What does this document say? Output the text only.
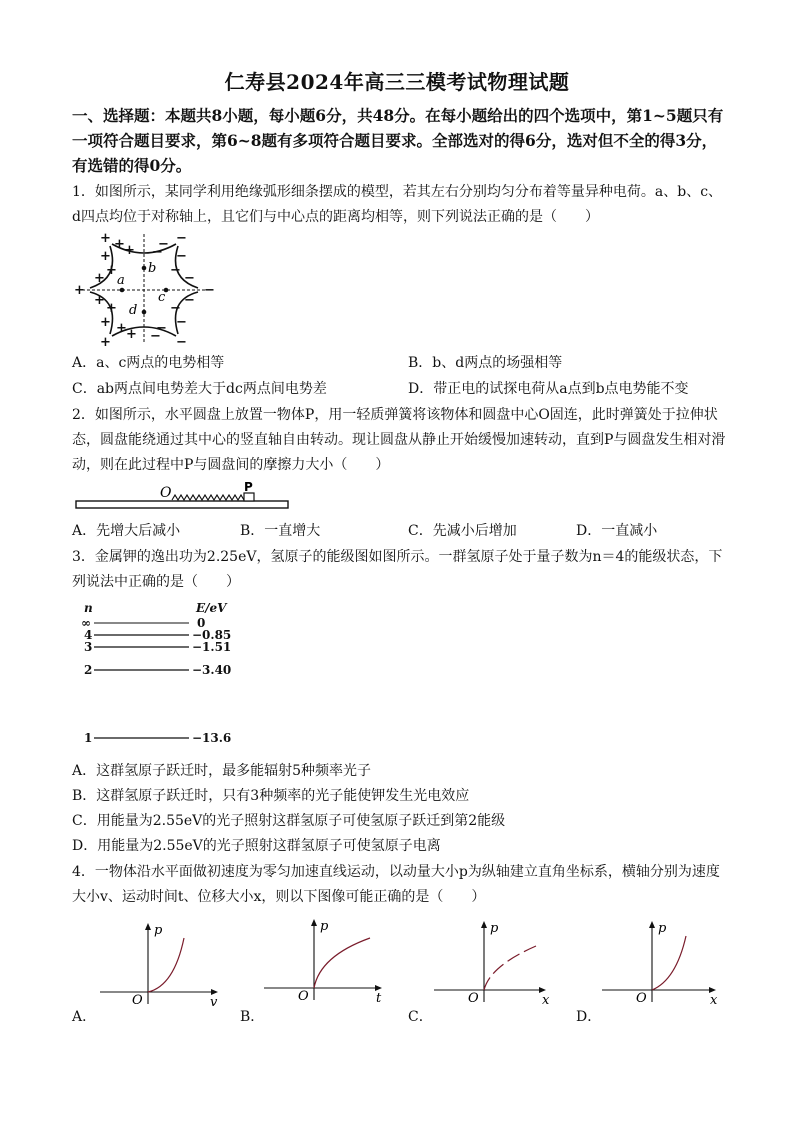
仁寿县2024年高三三模考试物理试题
一、选择题：本题共8小题，每小题6分，共48分。在每小题给出的四个选项中，第1~5题只有一项符合题目要求，第6~8题有多项符合题目要求。全部选对的得6分，选对但不全的得3分，有选错的得0分。
1．如图所示，某同学利用绝缘弧形细条摆成的模型，若其左右分别均匀分布着等量异种电荷。a、b、c、d四点均位于对称轴上，且它们与中心点的距离均相等，则下列说法正确的是（　　）
b
a
c
d
+ + +
+
+
+
+
+
+
+ + +
+
−
−
− −
−
−
−
−
−
−
−
− −
A．a、c两点的电势相等	B．b、d两点的场强相等
C．ab两点间电势差大于dc两点间电势差	D．带正电的试探电荷从a点到b点电势能不变
2．如图所示，水平圆盘上放置一物体P，用一轻质弹簧将该物体和圆盘中心O固连，此时弹簧处于拉伸状态，圆盘能绕通过其中心的竖直轴自由转动。现让圆盘从静止开始缓慢加速转动，直到P与圆盘发生相对滑动，则在此过程中P与圆盘间的摩擦力大小（　　）
O	P
A．先增大后减小	B．一直增大	C．先减小后增加	D．一直减小
3．金属钾的逸出功为2.25eV，氢原子的能级图如图所示。一群氢原子处于量子数为n＝4的能级状态，下列说法中正确的是（　　）
n	E/eV
∞	0
4	−0.85
3	−1.51
2	−3.40
1	−13.6
A．这群氢原子跃迁时，最多能辐射5种频率光子
B．这群氢原子跃迁时，只有3种频率的光子能使钾发生光电效应
C．用能量为2.55eV的光子照射这群氢原子可使氢原子跃迁到第2能级
D．用能量为2.55eV的光子照射这群氢原子可使氢原子电离
4．一物体沿水平面做初速度为零匀加速直线运动，以动量大小p为纵轴建立直角坐标系，横轴分别为速度大小v、运动时间t、位移大小x，则以下图像可能正确的是（　　）
A．
p
v
O
B．
p
t
O
C．
p
x
O
D．
p
x
O
